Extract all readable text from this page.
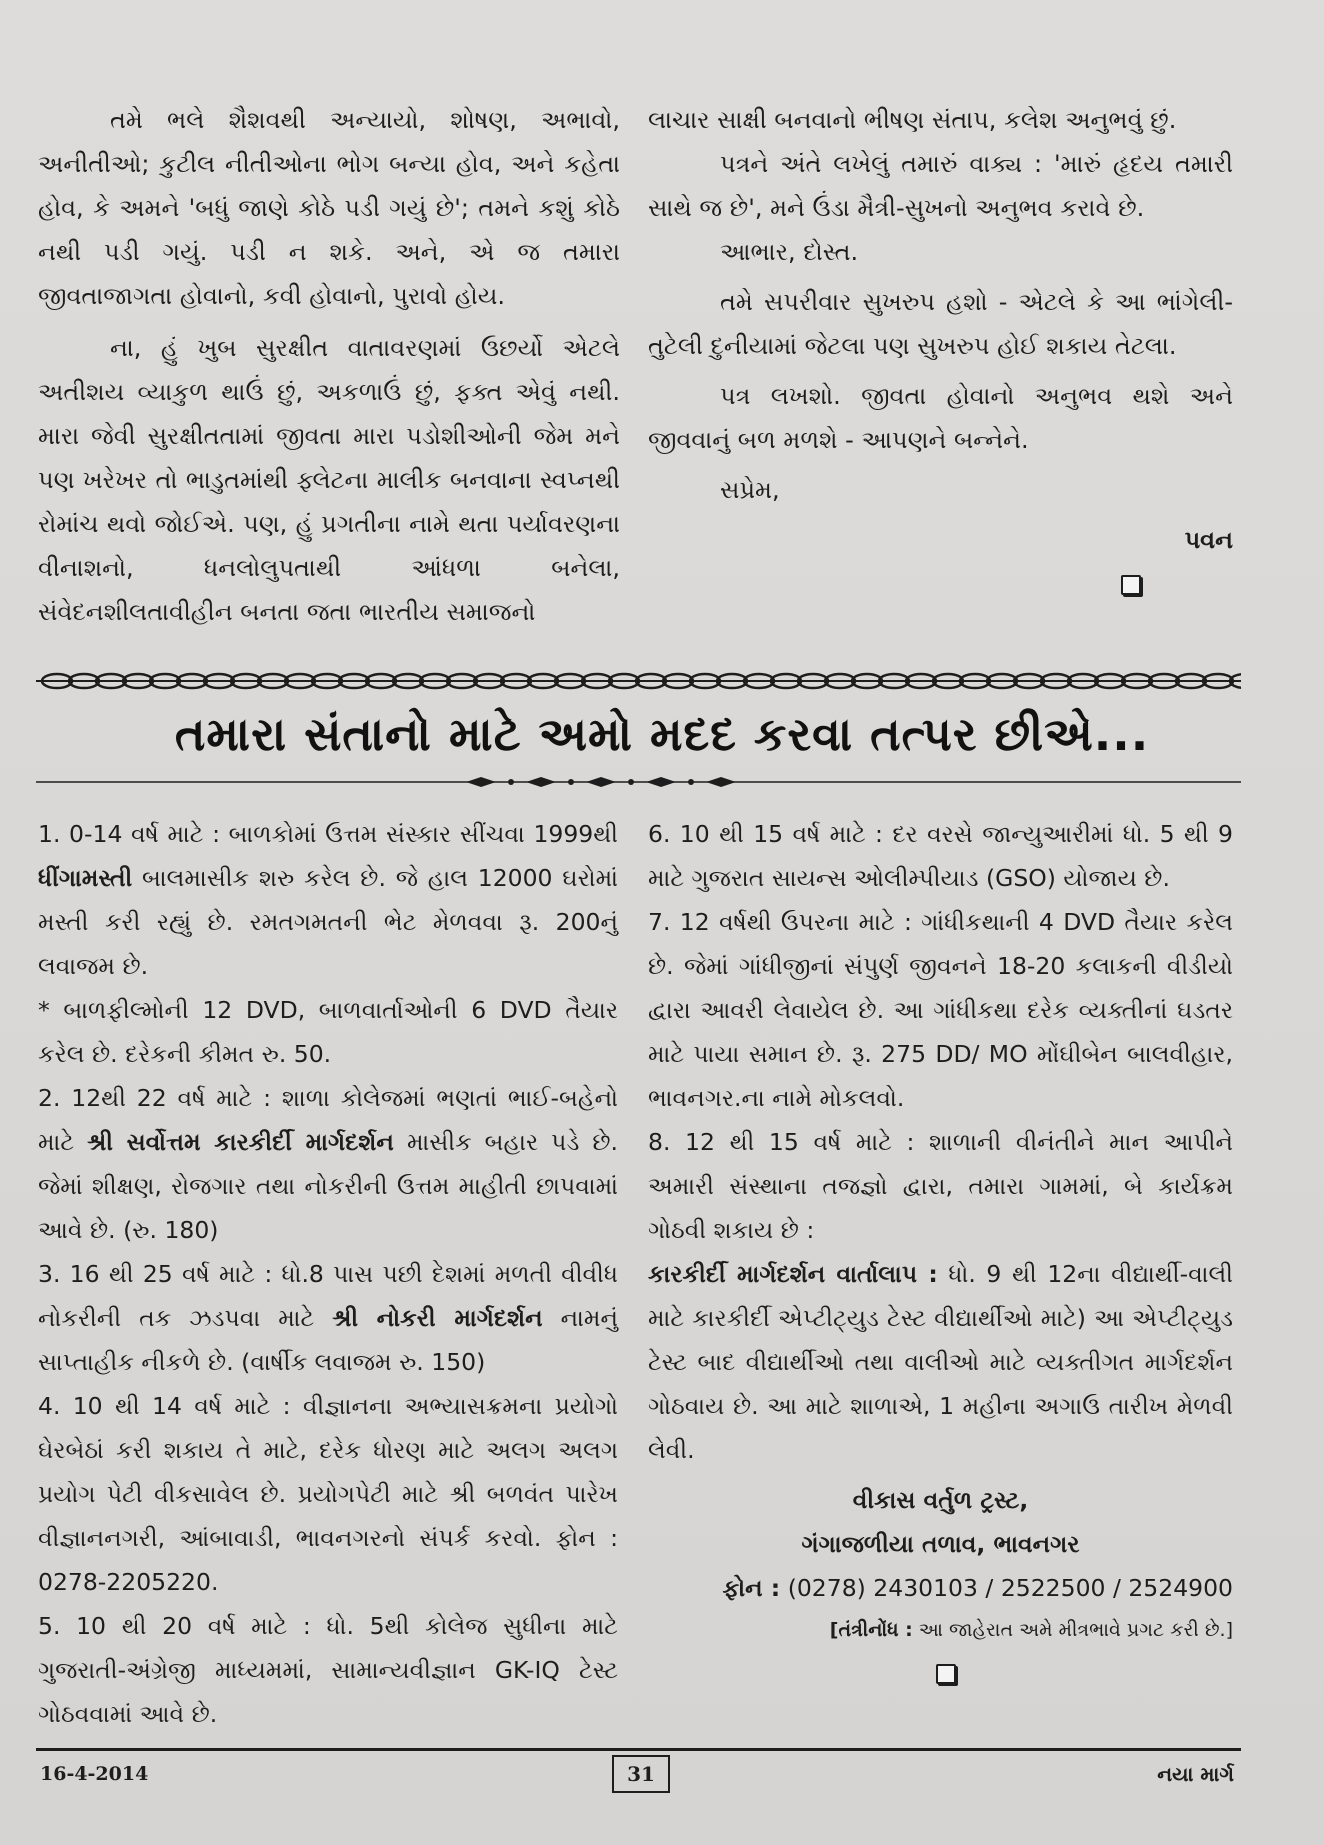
તમે ભલે શૈશવથી અન્યાયો, શોષણ, અભાવો, અનીતીઓ; કુટીલ નીતીઓના ભોગ બન્યા હોવ, અને કહેતા હોવ, કે અમને 'બધું જાણે કોઠે પડી ગયું છે'; તમને કશું કોઠે નથી પડી ગયું. પડી ન શકે. અને, એ જ તમારા જીવતાજાગતા હોવાનો, કવી હોવાનો, પુરાવો હોય.

ના, હું ખુબ સુરક્ષીત વાતાવરણમાં ઉછર્યો એટલે અતીશય વ્યાકુળ થાઉં છું, અકળાઉં છું, ફક્ત એવું નથી. મારા જેવી સુરક્ષીતતામાં જીવતા મારા પડોશીઓની જેમ મને પણ ખરેખર તો ભાડુતમાંથી ફ્લેટના માલીક બનવાના સ્વપ્નથી રોમાંચ થવો જોઈએ. પણ, હું પ્રગતીના નામે થતા પર્યાવરણના વીનાશનો, ધનલોલુપતાથી આંધળા બનેલા, સંવેદનશીલતાવીહીન બનતા જતા ભારતીય સમાજનો

લાચાર સાક્ષી બનવાનો ભીષણ સંતાપ, કલેશ અનુભવું છું.

પત્રને અંતે લખેલું તમારું વાક્ય : 'મારું હૃદય તમારી સાથે જ છે', મને ઉંડા મૈત્રી-સુખનો અનુભવ કરાવે છે.

આભાર, દોસ્ત.

તમે સપરીવાર સુખરુપ હશો - એટલે કે આ ભાંગેલી-તુટેલી દુનીયામાં જેટલા પણ સુખરુપ હોઈ શકાય તેટલા.

પત્ર લખશો. જીવતા હોવાનો અનુભવ થશે અને જીવવાનું બળ મળશે - આપણને બન્નેને.

સપ્રેમ,

પવન

તમારા સંતાનો માટે અમો મદદ કરવા તત્પર છીએ...

1. 0-14 વર્ષ માટે : બાળકોમાં ઉત્તમ સંસ્કાર સીંચવા 1999થી ધીંગામસ્તી બાલમાસીક શરુ કરેલ છે. જે હાલ 12000 ઘરોમાં મસ્તી કરી રહ્યું છે. રમતગમતની ભેટ મેળવવા રૂ. 200નું લવાજમ છે.

* બાળફીલ્મોની 12 DVD, બાળવાર્તાઓની 6 DVD તૈયાર કરેલ છે. દરેકની કીમત રુ. 50.

2. 12થી 22 વર્ષ માટે : શાળા કોલેજમાં ભણતાં ભાઈ-બહેનો માટે શ્રી સર્વોત્તમ કારકીર્દી માર્ગદર્શન માસીક બહાર પડે છે. જેમાં શીક્ષણ, રોજગાર તથા નોકરીની ઉત્તમ માહીતી છાપવામાં આવે છે. (રુ. 180)

3. 16 થી 25 વર્ષ માટે : ધો.8 પાસ પછી દેશમાં મળતી વીવીધ નોકરીની તક ઝડપવા માટે શ્રી નોકરી માર્ગદર્શન નામનું સાપ્તાહીક નીકળે છે. (વાર્ષીક લવાજમ રુ. 150)

4. 10 થી 14 વર્ષ માટે : વીજ્ઞાનના અભ્યાસક્રમના પ્રયોગો ઘેરબેઠાં કરી શકાય તે માટે, દરેક ધોરણ માટે અલગ અલગ પ્રયોગ પેટી વીકસાવેલ છે. પ્રયોગપેટી માટે શ્રી બળવંત પારેખ વીજ્ઞાનનગરી, આંબાવાડી, ભાવનગરનો સંપર્ક કરવો. ફોન : 0278-2205220.

5. 10 થી 20 વર્ષ માટે : ધો. 5થી કોલેજ સુધીના માટે ગુજરાતી-અંગ્રેજી માધ્યમમાં, સામાન્યવીજ્ઞાન GK-IQ ટેસ્ટ ગોઠવવામાં આવે છે.

6. 10 થી 15 વર્ષ માટે : દર વરસે જાન્યુઆરીમાં ધો. 5 થી 9 માટે ગુજરાત સાયન્સ ઓલીમ્પીયાડ (GSO) યોજાય છે.

7. 12 વર્ષથી ઉપરના માટે : ગાંધીકથાની 4 DVD તૈયાર કરેલ છે. જેમાં ગાંધીજીનાં સંપુર્ણ જીવનને 18-20 કલાકની વીડીયો દ્વારા આવરી લેવાયેલ છે. આ ગાંધીકથા દરેક વ્યક્તીનાં ઘડતર માટે પાયા સમાન છે. રૂ. 275 DD/ MO મોંઘીબેન બાલવીહાર, ભાવનગર.ના નામે મોકલવો.

8. 12 થી 15 વર્ષ માટે : શાળાની વીનંતીને માન આપીને અમારી સંસ્થાના તજજ્ઞો દ્વારા, તમારા ગામમાં, બે કાર્યક્રમ ગોઠવી શકાય છે :

કારકીર્દી માર્ગદર્શન વાર્તાલાપ : ધો. 9 થી 12ના વીદ્યાર્થી-વાલી માટે કારકીર્દી એપ્ટીટ્યુડ ટેસ્ટ વીદ્યાર્થીઓ માટે) આ એપ્ટીટ્યુડ ટેસ્ટ બાદ વીદ્યાર્થીઓ તથા વાલીઓ માટે વ્યક્તીગત માર્ગદર્શન ગોઠવાય છે. આ માટે શાળાએ, 1 મહીના અગાઉ તારીખ મેળવી લેવી.

વીકાસ વર્તુળ ટ્રસ્ટ,

ગંગાજળીયા તળાવ, ભાવનગર

ફોન : (0278) 2430103 / 2522500 / 2524900

[તંત્રીનોંધ : આ જાહેરાત અમે મીત્રભાવે પ્રગટ કરી છે.]

16-4-2014	31	નયા માર્ગ
